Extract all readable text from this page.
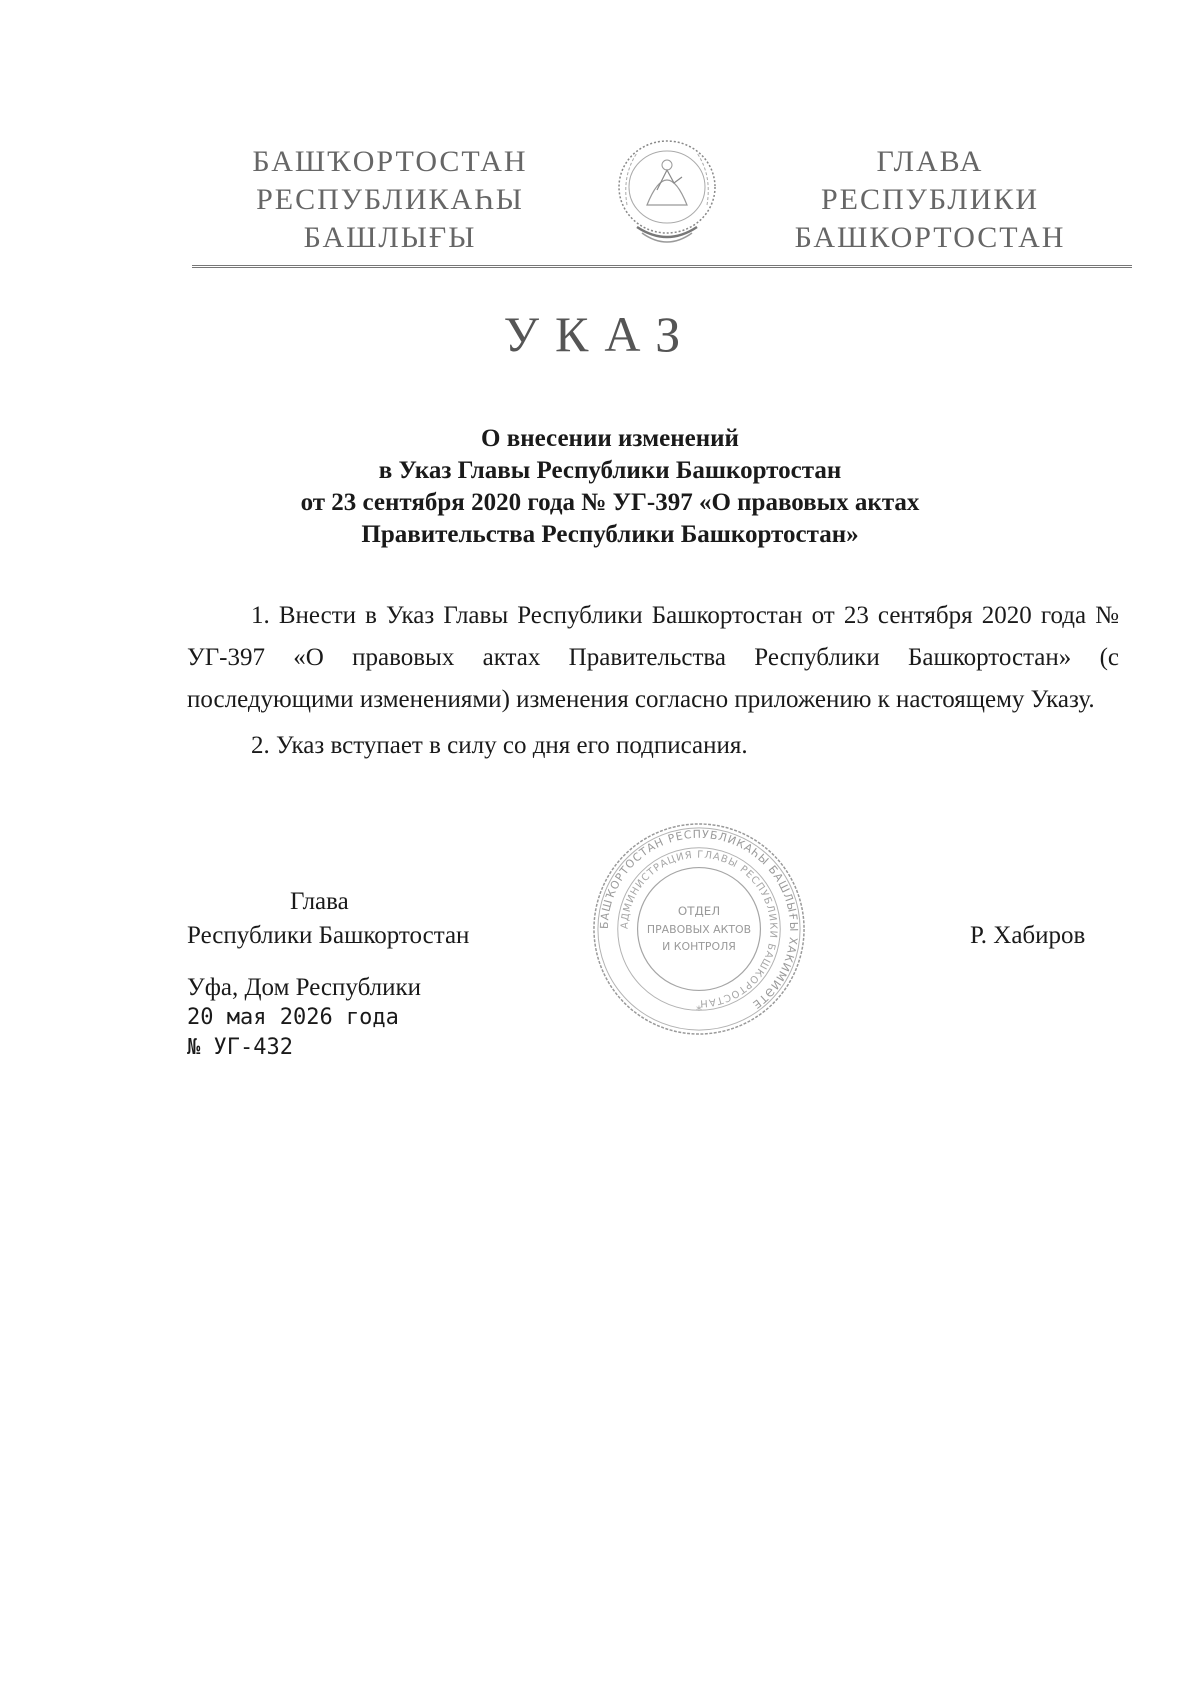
БАШҠОРТОСТАН
РЕСПУБЛИКАҺЫ
БАШЛЫҒЫ
ГЛАВА
РЕСПУБЛИКИ
БАШКОРТОСТАН
УКАЗ
О внесении изменений
в Указ Главы Республики Башкортостан
от 23 сентября 2020 года № УГ-397 «О правовых актах
Правительства Республики Башкортостан»

1. Внести в Указ Главы Республики Башкортостан от 23 сентября 2020 года № УГ-397 «О правовых актах Правительства Республики Башкортостан» (с последующими изменениями) изменения согласно приложению к настоящему Указу.

2. Указ вступает в силу со дня его подписания.

Глава
Республики Башкортостан	БАШҠОРТОСТАН РЕСПУБЛИКАҺЫ БАШЛЫҒЫ ХАКИМИӘТЕ
АДМИНИСТРАЦИЯ ГЛАВЫ РЕСПУБЛИКИ БАШКОРТОСТАН
ОТДЕЛ
ПРАВОВЫХ АКТОВ
И КОНТРОЛЯ
*
Р. Хабиров
Уфа, Дом Республики
20 мая 2026 года
№ УГ-432
